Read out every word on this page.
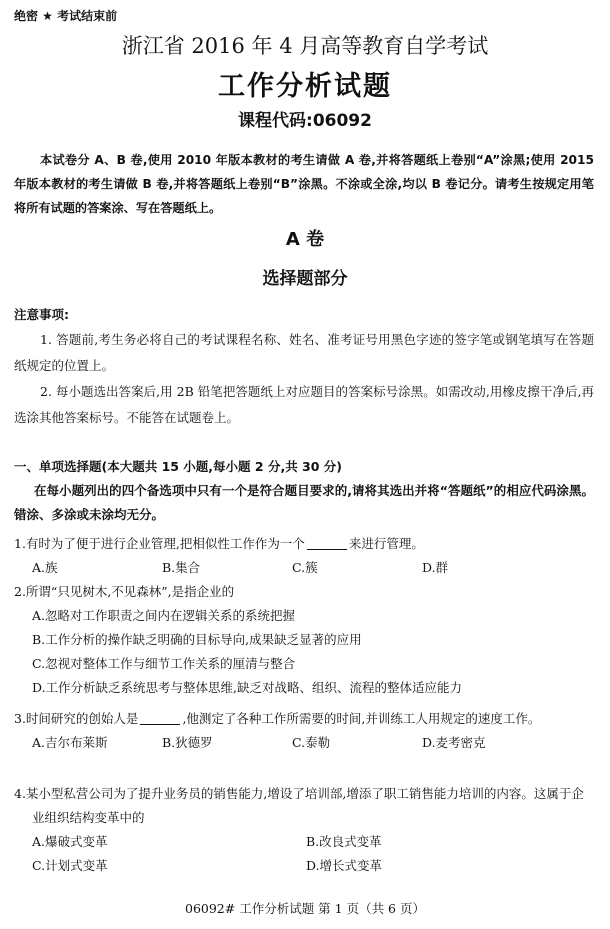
绝密 ★ 考试结束前
浙江省 2016 年 4 月高等教育自学考试
工作分析试题
课程代码:06092
本试卷分 A、B 卷,使用 2010 年版本教材的考生请做 A 卷,并将答题纸上卷别“A”涂黑;使用 2015 年版本教材的考生请做 B 卷,并将答题纸上卷别“B”涂黑。不涂或全涂,均以 B 卷记分。请考生按规定用笔将所有试题的答案涂、写在答题纸上。
A 卷
选择题部分
注意事项:
1. 答题前,考生务必将自己的考试课程名称、姓名、准考证号用黑色字迹的签字笔或钢笔填写在答题纸规定的位置上。
2. 每小题选出答案后,用 2B 铅笔把答题纸上对应题目的答案标号涂黑。如需改动,用橡皮擦干净后,再选涂其他答案标号。不能答在试题卷上。
一、单项选择题(本大题共 15 小题,每小题 2 分,共 30 分)
在每小题列出的四个备选项中只有一个是符合题目要求的,请将其选出并将“答题纸”的相应代码涂黑。错涂、多涂或未涂均无分。
1.有时为了便于进行企业管理,把相似性工作作为一个	来进行管理。
A.族	B.集合	C.簇	D.群
2.所谓“只见树木,不见森林”,是指企业的
A.忽略对工作职责之间内在逻辑关系的系统把握
B.工作分析的操作缺乏明确的目标导向,成果缺乏显著的应用
C.忽视对整体工作与细节工作关系的厘清与整合
D.工作分析缺乏系统思考与整体思维,缺乏对战略、组织、流程的整体适应能力
3.时间研究的创始人是	,他测定了各种工作所需要的时间,并训练工人用规定的速度工作。
A.吉尔布莱斯	B.狄德罗	C.泰勒	D.麦考密克
4.某小型私营公司为了提升业务员的销售能力,增设了培训部,增添了职工销售能力培训的内容。这属于企业组织结构变革中的
A.爆破式变革	B.改良式变革
C.计划式变革	D.增长式变革
06092# 工作分析试题 第 1 页（共 6 页）
